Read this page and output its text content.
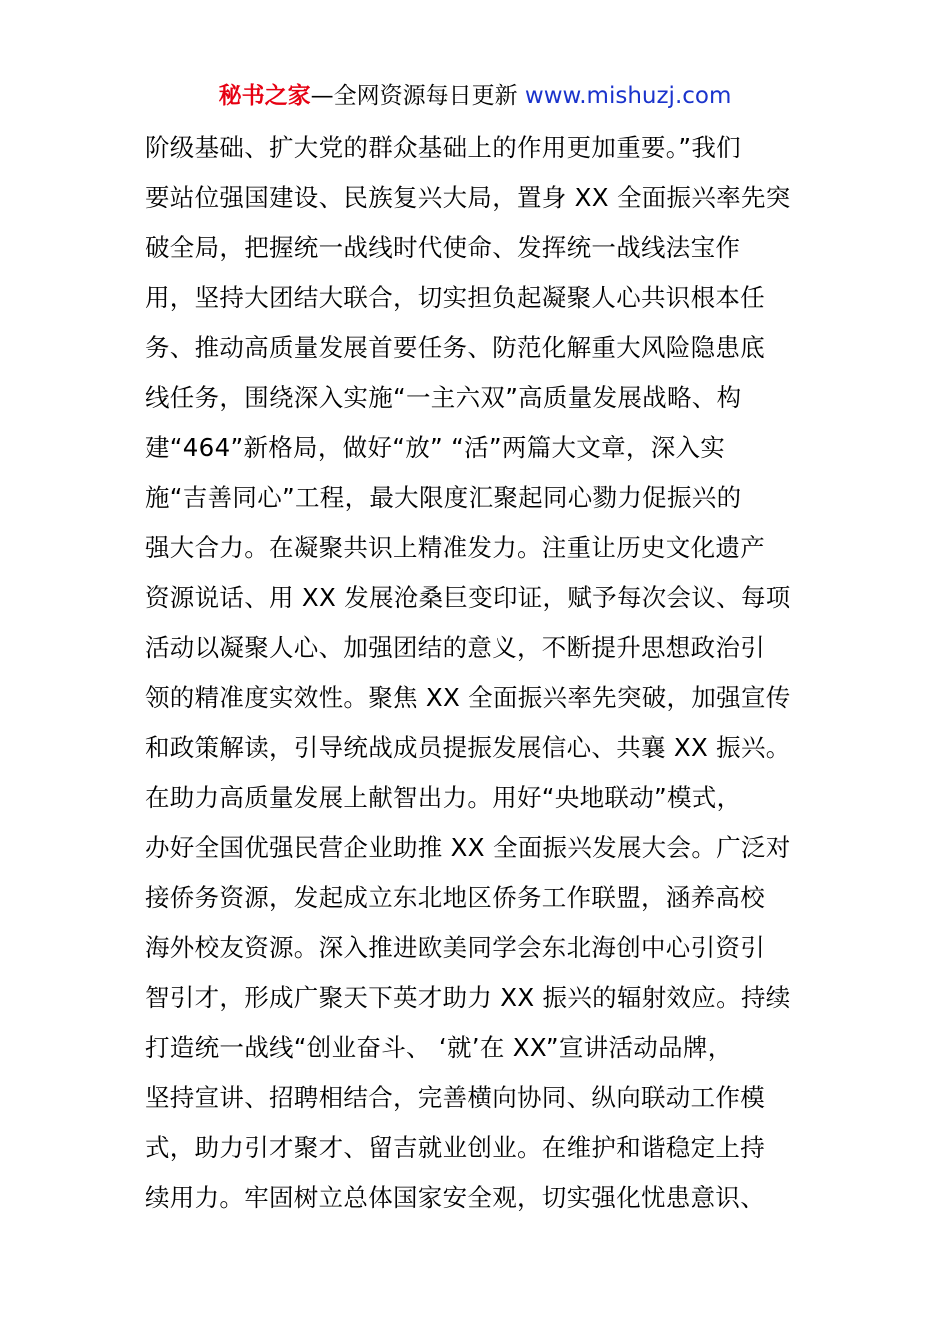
秘书之家—全网资源每日更新 www.mishuzj.com
阶级基础、扩大党的群众基础上的作用更加重要。”我们
要站位强国建设、民族复兴大局，置身 XX 全面振兴率先突
破全局，把握统一战线时代使命、发挥统一战线法宝作
用，坚持大团结大联合，切实担负起凝聚人心共识根本任
务、推动高质量发展首要任务、防范化解重大风险隐患底
线任务，围绕深入实施“一主六双”高质量发展战略、构
建“464”新格局，做好“放” “活”两篇大文章，深入实
施“吉善同心”工程，最大限度汇聚起同心勠力促振兴的
强大合力。在凝聚共识上精准发力。注重让历史文化遗产
资源说话、用 XX 发展沧桑巨变印证，赋予每次会议、每项
活动以凝聚人心、加强团结的意义，不断提升思想政治引
领的精准度实效性。聚焦 XX 全面振兴率先突破，加强宣传
和政策解读，引导统战成员提振发展信心、共襄 XX 振兴。
在助力高质量发展上献智出力。用好“央地联动”模式，
办好全国优强民营企业助推 XX 全面振兴发展大会。广泛对
接侨务资源，发起成立东北地区侨务工作联盟，涵养高校
海外校友资源。深入推进欧美同学会东北海创中心引资引
智引才，形成广聚天下英才助力 XX 振兴的辐射效应。持续
打造统一战线“创业奋斗、 ‘就’在 XX”宣讲活动品牌，
坚持宣讲、招聘相结合，完善横向协同、纵向联动工作模
式，助力引才聚才、留吉就业创业。在维护和谐稳定上持
续用力。牢固树立总体国家安全观，切实强化忧患意识、
